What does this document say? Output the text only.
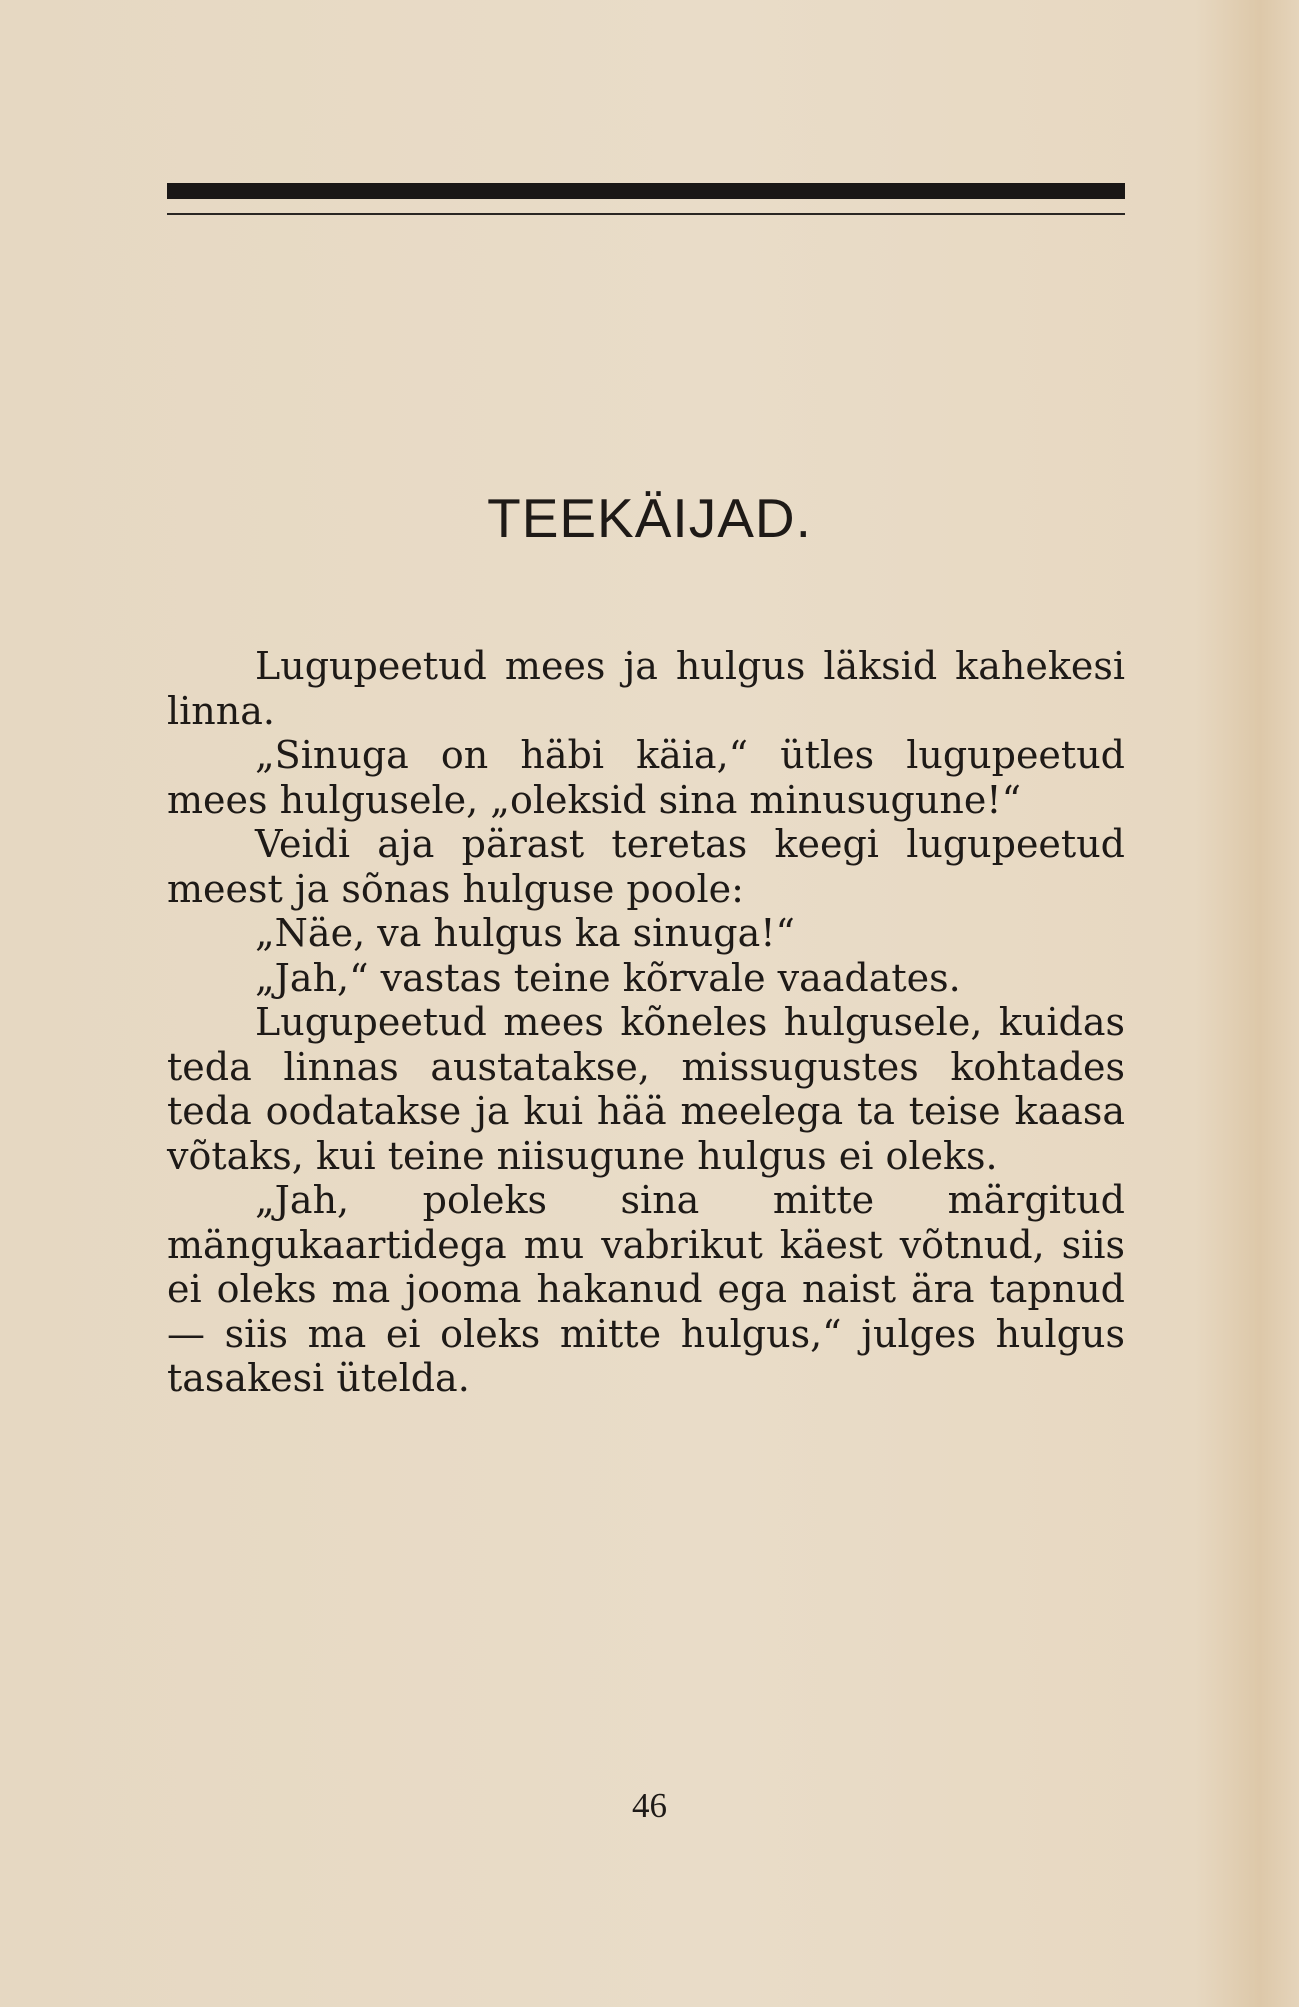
TEEKÄIJAD.

Lugupeetud mees ja hulgus läksid kahekesi linna.

„Sinuga on häbi käia,“ ütles lugupeetud mees hulgusele, „oleksid sina minusugune!“

Veidi aja pärast teretas keegi lugupeetud meest ja sõnas hulguse poole:

„Näe, va hulgus ka sinuga!“

„Jah,“ vastas teine kõrvale vaadates.

Lugupeetud mees kõneles hulgusele, kuidas teda linnas austatakse, missugustes kohtades teda oodatakse ja kui hää meelega ta teise kaasa võtaks, kui teine niisugune hulgus ei oleks.

„Jah, poleks sina mitte märgitud mängukaartidega mu vabrikut käest võtnud, siis ei oleks ma jooma hakanud ega naist ära tapnud — siis ma ei oleks mitte hulgus,“ julges hulgus tasakesi ütelda.

46
